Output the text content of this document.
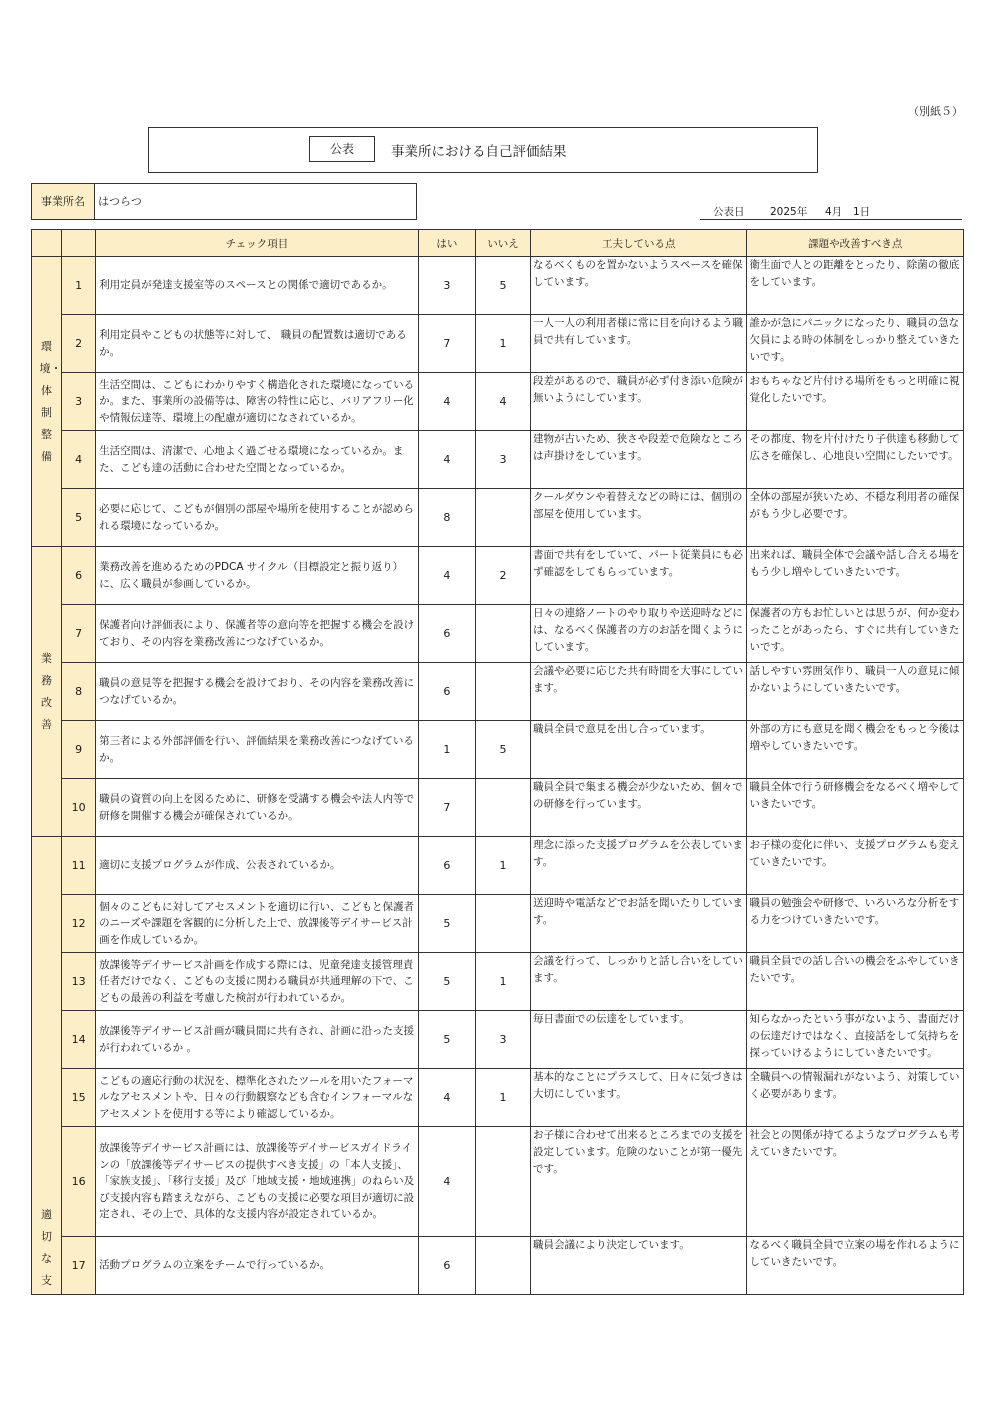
（別紙５）
公表	事業所における自己評価結果
事業所名	はつらつ
公表日 2025年 4月 1日
		チェック項目	はい	いいえ	工夫している点	課題や改善すべき点
環境・体制整備	1	利用定員が発達支援室等のスペースとの関係で適切であるか。	3	5	なるべくものを置かないようスペースを確保しています。	衛生面で人との距離をとったり、除菌の徹底をしています。
	2	利用定員やこどもの状態等に対して、 職員の配置数は適切であるか。	7	1	一人一人の利用者様に常に目を向けるよう職員で共有しています。	誰かが急にパニックになったり、職員の急な欠員による時の体制をしっかり整えていきたいです。
	3	生活空間は、こどもにわかりやすく構造化された環境になっているか。また、事業所の設備等は、障害の特性に応じ、バリアフリー化や情報伝達等、環境上の配慮が適切になされているか。	4	4	段差があるので、職員が必ず付き添い危険が無いようにしています。	おもちゃなど片付ける場所をもっと明確に視覚化したいです。
	4	生活空間は、清潔で、心地よく過ごせる環境になっているか。また、こども達の活動に合わせた空間となっているか。	4	3	建物が古いため、狭さや段差で危険なところは声掛けをしています。	その都度、物を片付けたり子供達も移動して広さを確保し、心地良い空間にしたいです。
	5	必要に応じて、こどもが個別の部屋や場所を使用することが認められる環境になっているか。	8		クールダウンや着替えなどの時には、個別の部屋を使用しています。	全体の部屋が狭いため、不穏な利用者の確保がもう少し必要です。
業務改善	6	業務改善を進めるためのPDCA サイクル（目標設定と振り返り）に、広く職員が参画しているか。	4	2	書面で共有をしていて、パート従業員にも必ず確認をしてもらっています。	出来れば、職員全体で会議や話し合える場をもう少し増やしていきたいです。
	7	保護者向け評価表により、保護者等の意向等を把握する機会を設けており、その内容を業務改善につなげているか。	6		日々の連絡ノートのやり取りや送迎時などには、なるべく保護者の方のお話を聞くようにしています。	保護者の方もお忙しいとは思うが、何か変わったことがあったら、すぐに共有していきたいです。
	8	職員の意見等を把握する機会を設けており、その内容を業務改善につなげているか。	6		会議や必要に応じた共有時間を大事にしています。	話しやすい雰囲気作り、職員一人の意見に傾かないようにしていきたいです。
	9	第三者による外部評価を行い、評価結果を業務改善につなげているか。	1	5	職員全員で意見を出し合っています。	外部の方にも意見を聞く機会をもっと今後は増やしていきたいです。
	10	職員の資質の向上を図るために、研修を受講する機会や法人内等で研修を開催する機会が確保されているか。	7		職員全員で集まる機会が少ないため、個々での研修を行っています。	職員全体で行う研修機会をなるべく増やしていきたいです。
適切な支	11	適切に支援プログラムが作成、公表されているか。	6	1	理念に添った支援プログラムを公表しています。	お子様の変化に伴い、支援プログラムも変えていきたいです。
	12	個々のこどもに対してアセスメントを適切に行い、こどもと保護者のニーズや課題を客観的に分析した上で、放課後等デイサービス計画を作成しているか。	5		送迎時や電話などでお話を聞いたりしています。	職員の勉強会や研修で、いろいろな分析をする力をつけていきたいです。
	13	放課後等デイサービス計画を作成する際には、児童発達支援管理責任者だけでなく、こどもの支援に関わる職員が共通理解の下で、こどもの最善の利益を考慮した検討が行われているか。	5	1	会議を行って、しっかりと話し合いをしています。	職員全員での話し合いの機会をふやしていきたいです。
	14	放課後等デイサービス計画が職員間に共有され、計画に沿った支援が行われているか 。	5	3	毎日書面での伝達をしています。	知らなかったという事がないよう、書面だけの伝達だけではなく、直接話をして気持ちを探っていけるようにしていきたいです。
	15	こどもの適応行動の状況を、標準化されたツールを用いたフォーマルなアセスメントや、日々の行動観察なども含むインフォーマルなアセスメントを使用する等により確認しているか。	4	1	基本的なことにプラスして、日々に気づきは大切にしています。	全職員への情報漏れがないよう、対策していく必要があります。
	16	放課後等デイサービス計画には、放課後等デイサービスガイドラインの「放課後等デイサービスの提供すべき支援」の「本人支援」、「家族支援」、「移行支援」及び「地域支援・地域連携」のねらい及び支援内容も踏まえながら、こどもの支援に必要な項目が適切に設定され、その上で、具体的な支援内容が設定されているか。	4		お子様に合わせて出来るところまでの支援を設定しています。危険のないことが第一優先です。	社会との関係が持てるようなプログラムも考えていきたいです。
	17	活動プログラムの立案をチームで行っているか。	6		職員会議により決定しています。	なるべく職員全員で立案の場を作れるようにしていきたいです。
